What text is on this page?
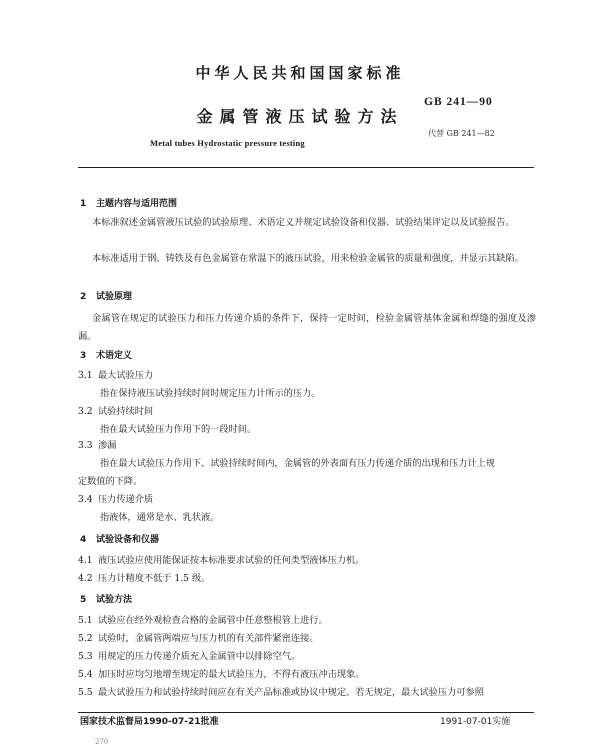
中华人民共和国国家标准
金属管液压试验方法
GB 241—90
代替 GB 241—82
Metal tubes Hydrostatic pressure testing
1 主题内容与适用范围
本标准叙述金属管液压试验的试验原理、术语定义并规定试验设备和仪器、试验结果评定以及试验报告。
本标准适用于钢、铸铁及有色金属管在常温下的液压试验，用来检验金属管的质量和强度，并显示其缺陷。
2 试验原理
金属管在规定的试验压力和压力传递介质的条件下，保持一定时间，检验金属管基体金属和焊缝的强度及渗漏。
3 术语定义
3.1 最大试验压力
指在保持液压试验持续时间时规定压力计所示的压力。
3.2 试验持续时间
指在最大试验压力作用下的一段时间。
3.3 渗漏
指在最大试验压力作用下、试验持续时间内，金属管的外表面有压力传递介质的出现和压力计上规
定数值的下降。
3.4 压力传递介质
指液体，通常是水、乳状液。
4 试验设备和仪器
4.1 液压试验应使用能保证按本标准要求试验的任何类型液体压力机。
4.2 压力计精度不低于 1.5 级。
5 试验方法
5.1 试验应在经外观检查合格的金属管中任意整根管上进行。
5.2 试验时，金属管两端应与压力机的有关部件紧密连接。
5.3 用规定的压力传递介质充入金属管中以排除空气。
5.4 加压时应均匀地增至规定的最大试验压力，不得有液压冲击现象。
5.5 最大试验压力和试验持续时间应在有关产品标准或协议中规定。若无规定，最大试验压力可参照
国家技术监督局1990-07-21批准	1991-07-01实施
270
